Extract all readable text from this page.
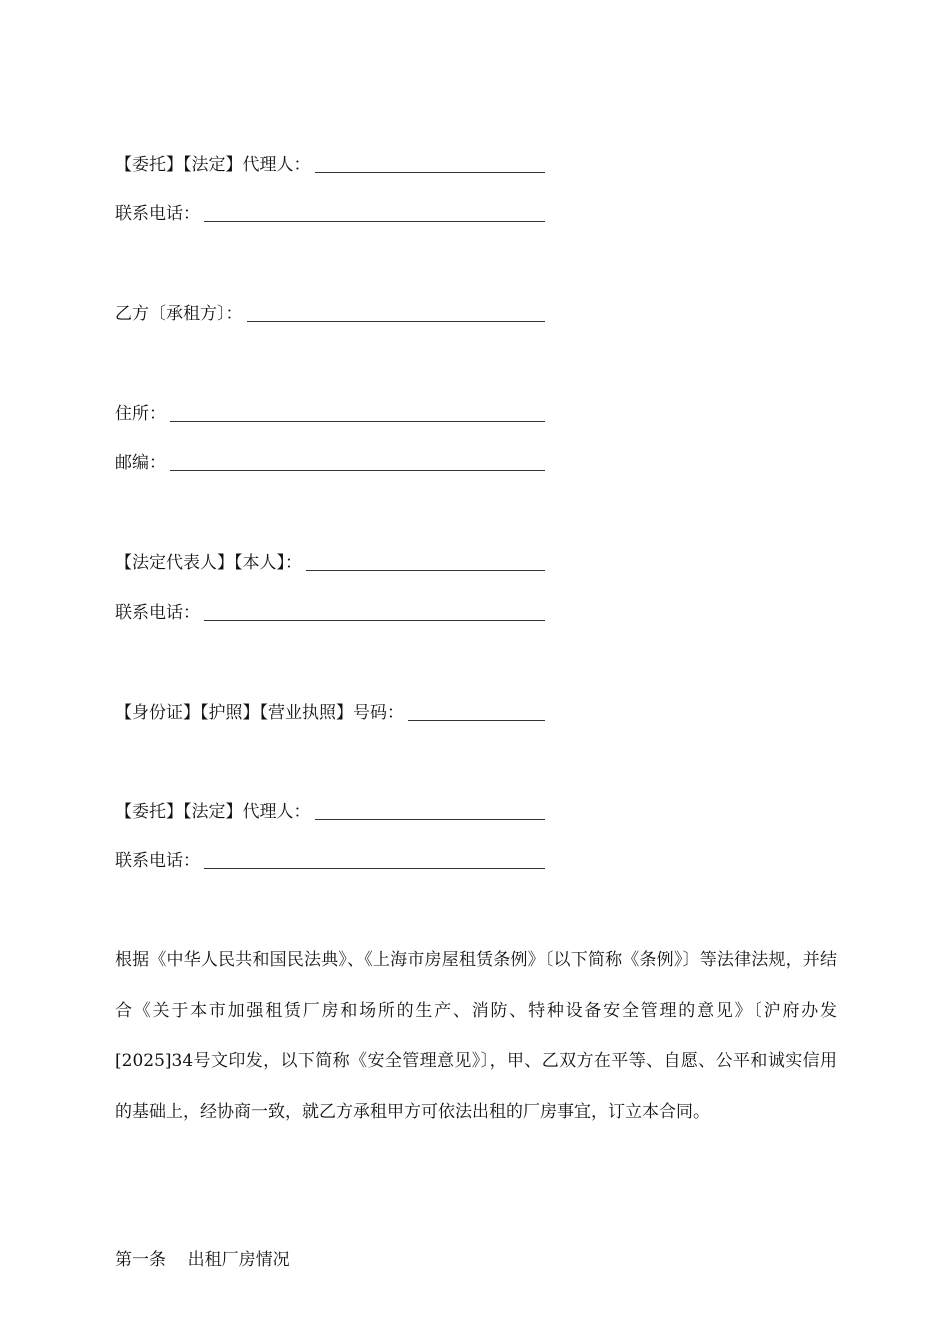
【委托】【法定】代理人：
联系电话：
乙方〔承租方〕：
住所：
邮编：
【法定代表人】【本人】：
联系电话：
【身份证】【护照】【营业执照】号码：
【委托】【法定】代理人：
联系电话：

根据《中华人民共和国民法典》、《上海市房屋租赁条例》〔以下简称《条例》〕等法律法规，并结合《关于本市加强租赁厂房和场所的生产、消防、特种设备安全管理的意见》〔沪府办发[2025]34号文印发，以下简称《安全管理意见》〕，甲、乙双方在平等、自愿、公平和诚实信用的基础上，经协商一致，就乙方承租甲方可依法出租的厂房事宜，订立本合同。

第一条 出租厂房情况
